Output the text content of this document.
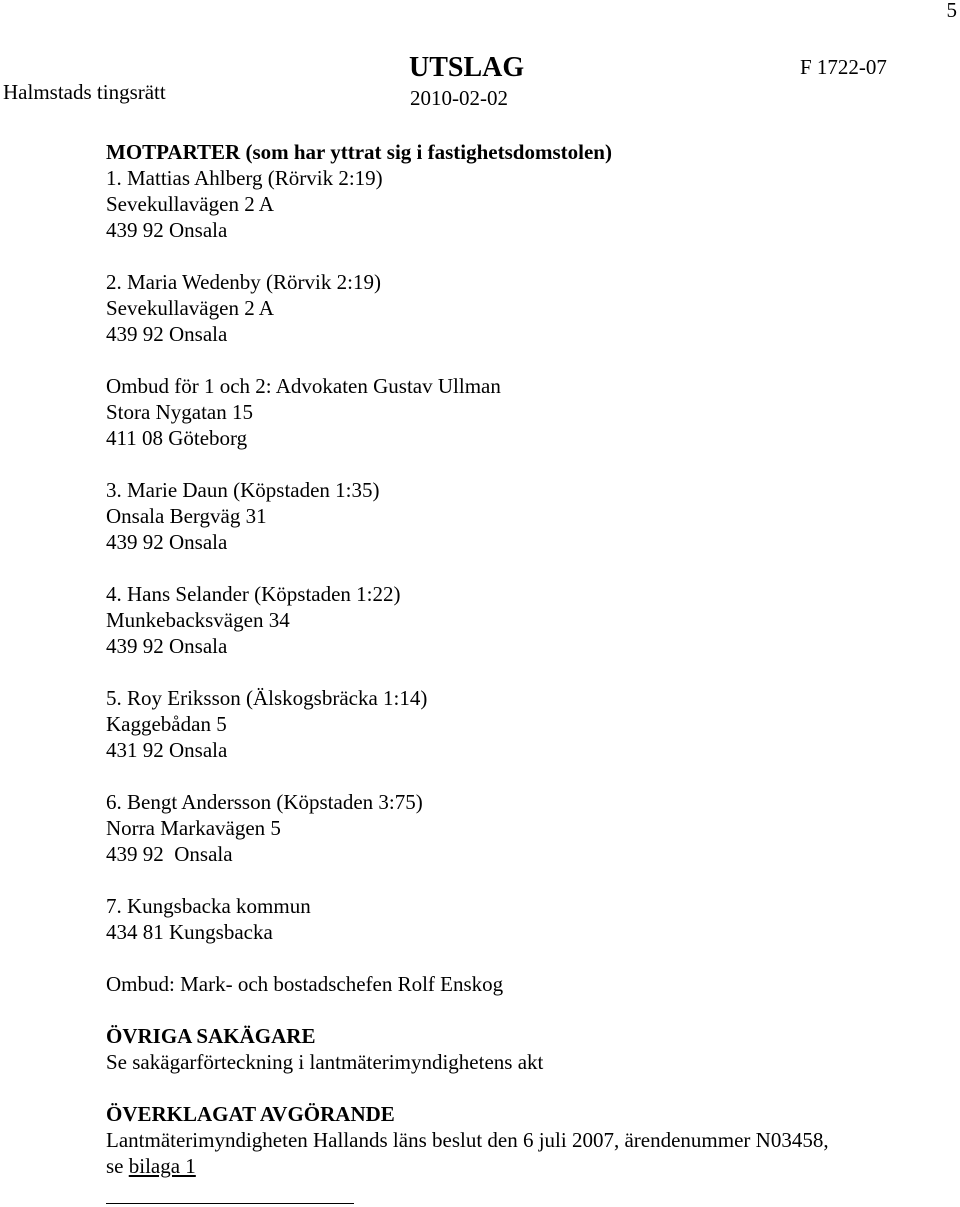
5
Halmstads tingsrätt
UTSLAG
2010-02-02
F 1722-07
MOTPARTER (som har yttrat sig i fastighetsdomstolen)
1. Mattias Ahlberg (Rörvik 2:19)
Sevekullavägen 2 A
439 92 Onsala
2. Maria Wedenby (Rörvik 2:19)
Sevekullavägen 2 A
439 92 Onsala
Ombud för 1 och 2: Advokaten Gustav Ullman
Stora Nygatan 15
411 08 Göteborg
3. Marie Daun (Köpstaden 1:35)
Onsala Bergväg 31
439 92 Onsala
4. Hans Selander (Köpstaden 1:22)
Munkebacksvägen 34
439 92 Onsala
5. Roy Eriksson (Älskogsbräcka 1:14)
Kaggebådan 5
431 92 Onsala
6. Bengt Andersson (Köpstaden 3:75)
Norra Markavägen 5
439 92  Onsala
7. Kungsbacka kommun
434 81 Kungsbacka
Ombud: Mark- och bostadschefen Rolf Enskog
ÖVRIGA SAKÄGARE
Se sakägarförteckning i lantmäterimyndighetens akt
ÖVERKLAGAT AVGÖRANDE
Lantmäterimyndigheten Hallands läns beslut den 6 juli 2007, ärendenummer N03458,
se bilaga 1
